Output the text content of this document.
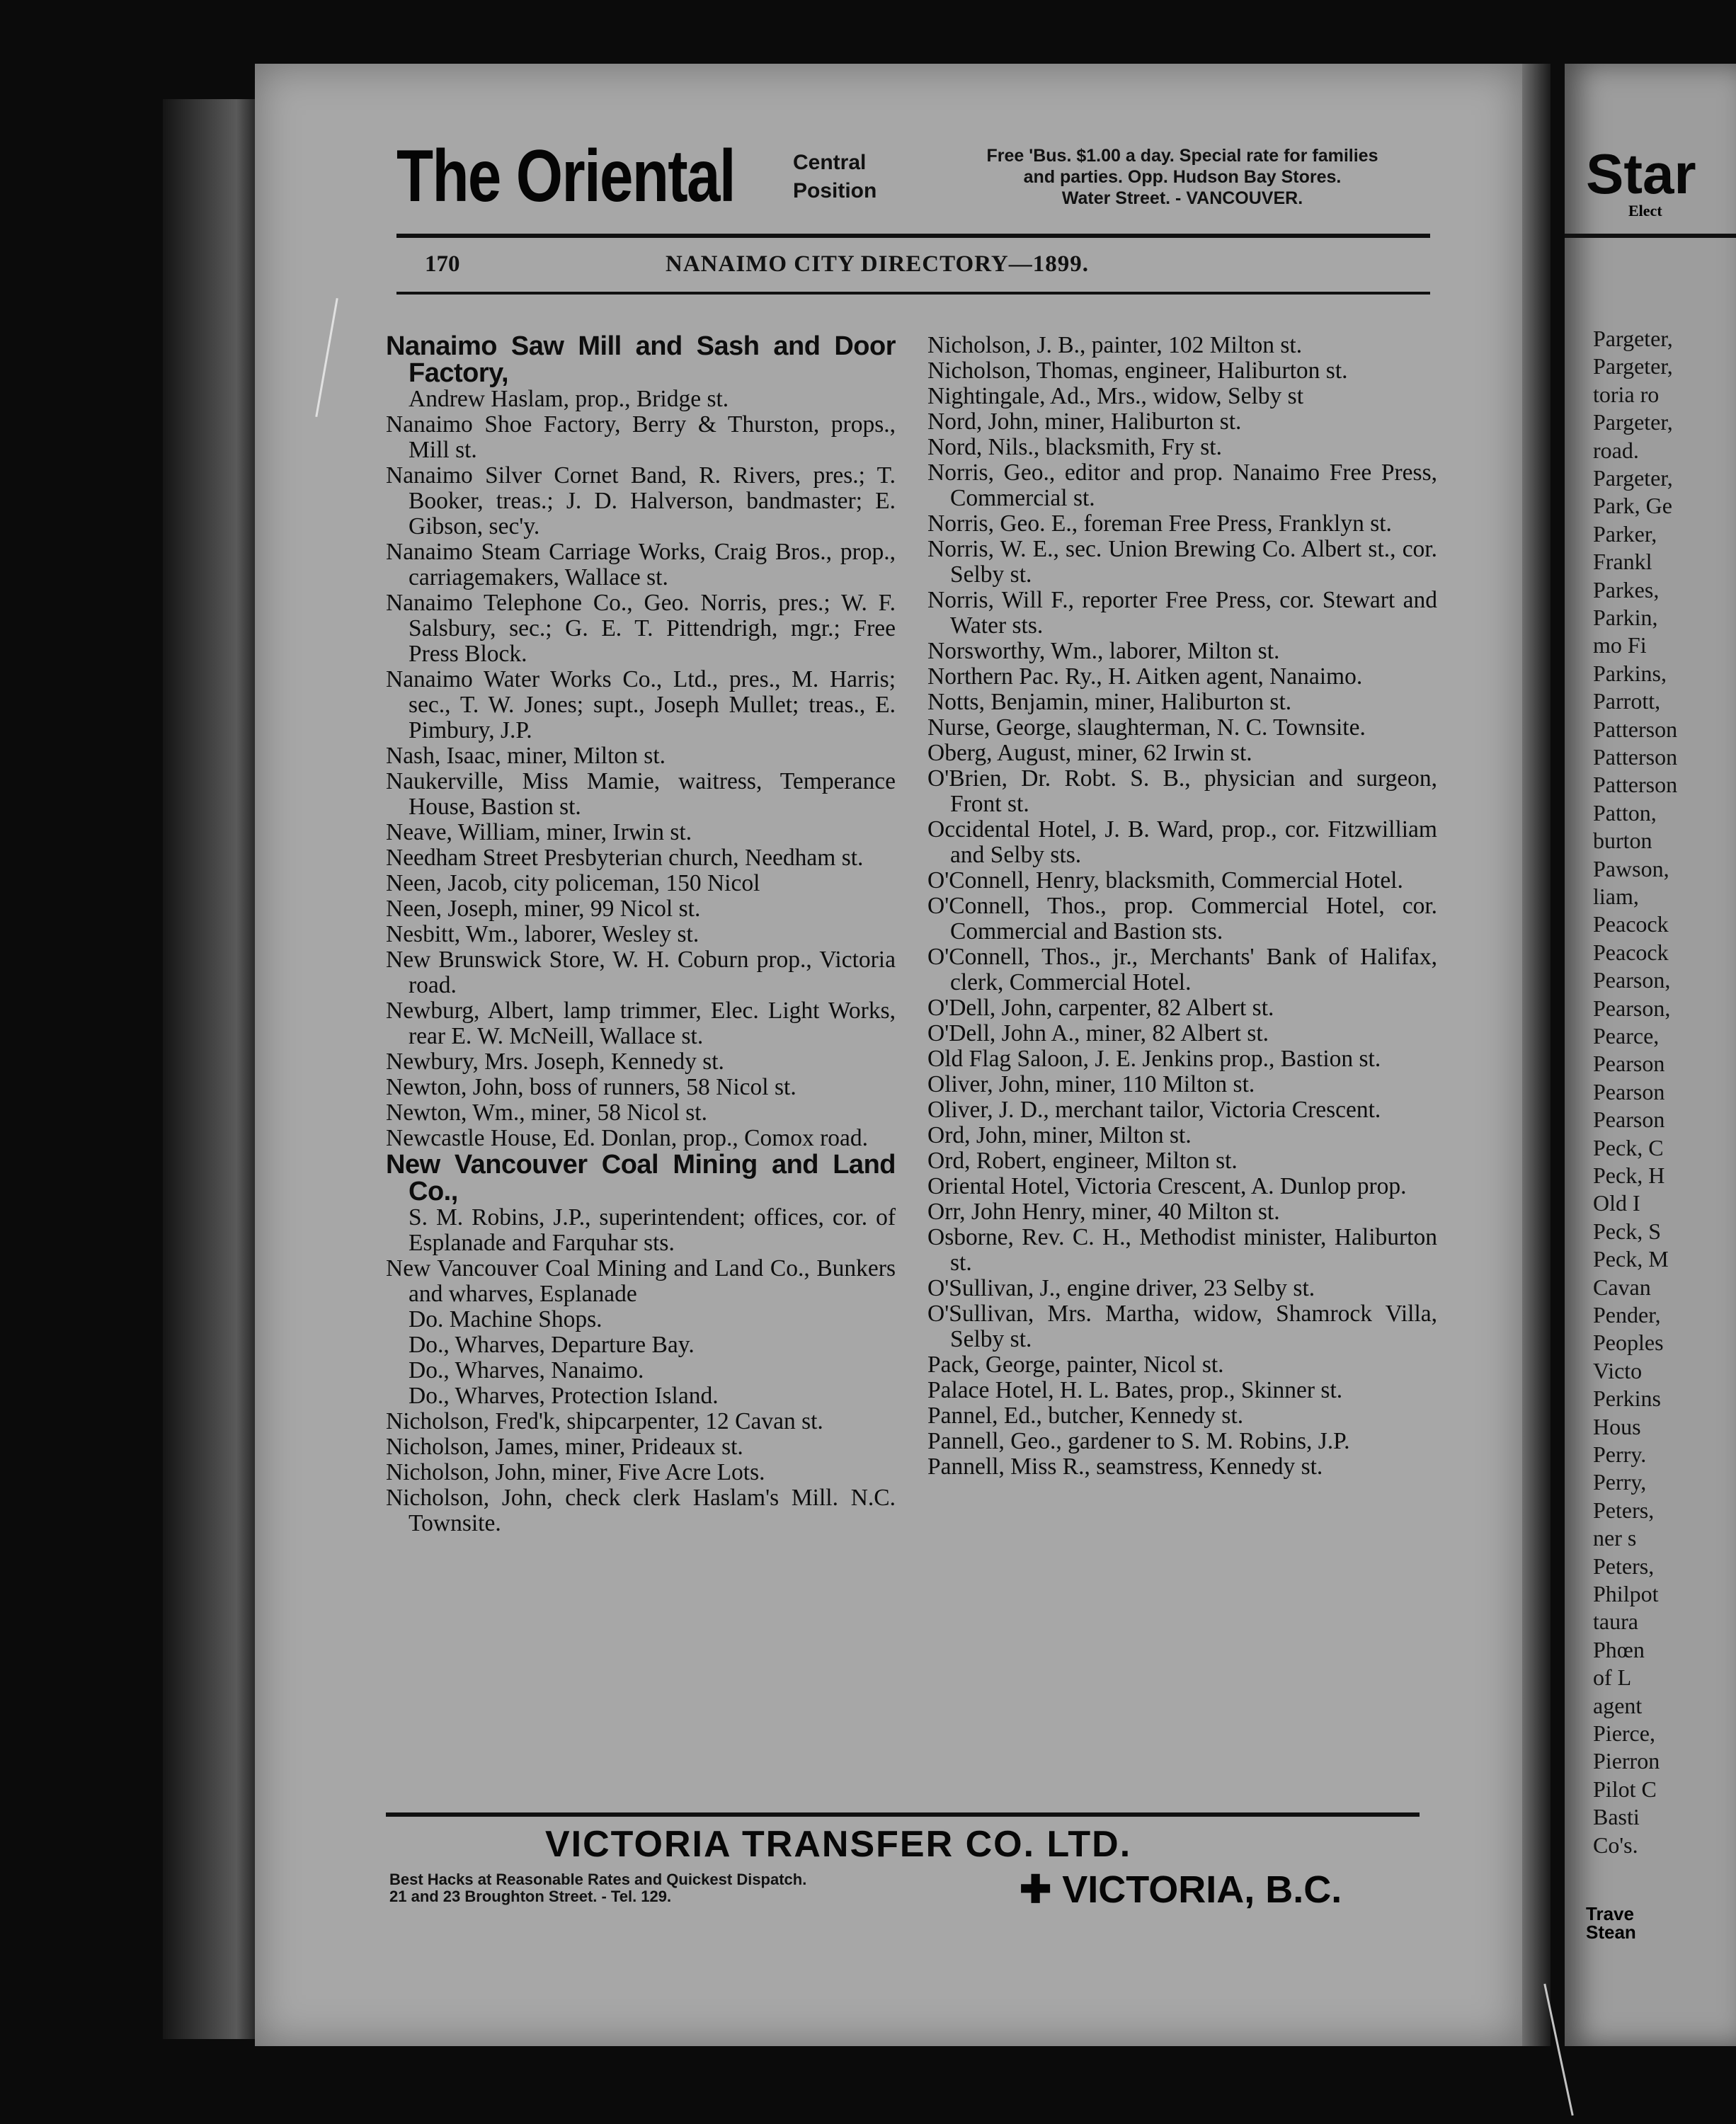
Star
Elect
Pargeter,
Pargeter,
toria ro
Pargeter,
road.
Pargeter,
Park, Ge
Parker,
Frankl
Parkes,
Parkin,
mo Fi
Parkins,
Parrott,
Patterson
Patterson
Patterson
Patton,
burton
Pawson,
liam,
Peacock
Peacock
Pearson,
Pearson,
Pearce,
Pearson
Pearson
Pearson
Peck, C
Peck, H
Old I
Peck, S
Peck, M
Cavan
Pender,
Peoples
Victo
Perkins
Hous
Perry.
Perry,
Peters,
ner s
Peters,
Philpot
taura
Phœn
of L
agent
Pierce,
Pierron
Pilot C
Basti
Co's.
Trave
Stean
The Oriental	Central
Position
Free 'Bus. $1.00 a day. Special rate for families
and parties. Opp. Hudson Bay Stores.
Water Street. - VANCOUVER.
170	NANAIMO CITY DIRECTORY—1899.
Nanaimo Saw Mill and Sash and Door Factory,
Andrew Haslam, prop., Bridge st.
Nanaimo Shoe Factory, Berry & Thurston, props., Mill st.
Nanaimo Silver Cornet Band, R. Rivers, pres.; T. Booker, treas.; J. D. Halverson, bandmaster; E. Gibson, sec'y.
Nanaimo Steam Carriage Works, Craig Bros., prop., carriagemakers, Wallace st.
Nanaimo Telephone Co., Geo. Norris, pres.; W. F. Salsbury, sec.; G. E. T. Pittendrigh, mgr.; Free Press Block.
Nanaimo Water Works Co., Ltd., pres., M. Harris; sec., T. W. Jones; supt., Joseph Mullet; treas., E. Pimbury, J.P.
Nash, Isaac, miner, Milton st.
Naukerville, Miss Mamie, waitress, Temperance House, Bastion st.
Neave, William, miner, Irwin st.
Needham Street Presbyterian church, Needham st.
Neen, Jacob, city policeman, 150 Nicol
Neen, Joseph, miner, 99 Nicol st.
Nesbitt, Wm., laborer, Wesley st.
New Brunswick Store, W. H. Coburn prop., Victoria road.
Newburg, Albert, lamp trimmer, Elec. Light Works, rear E. W. McNeill, Wallace st.
Newbury, Mrs. Joseph, Kennedy st.
Newton, John, boss of runners, 58 Nicol st.
Newton, Wm., miner, 58 Nicol st.
Newcastle House, Ed. Donlan, prop., Comox road.
New Vancouver Coal Mining and Land Co.,
S. M. Robins, J.P., superintendent; offices, cor. of Esplanade and Farquhar sts.
New Vancouver Coal Mining and Land Co., Bunkers and wharves, Esplanade
Do. Machine Shops.
Do., Wharves, Departure Bay.
Do., Wharves, Nanaimo.
Do., Wharves, Protection Island.
Nicholson, Fred'k, shipcarpenter, 12 Cavan st.
Nicholson, James, miner, Prideaux st.
Nicholson, John, miner, Five Acre Lots.
Nicholson, John, check clerk Haslam's Mill. N.C. Townsite.
Nicholson, J. B., painter, 102 Milton st.
Nicholson, Thomas, engineer, Haliburton st.
Nightingale, Ad., Mrs., widow, Selby st
Nord, John, miner, Haliburton st.
Nord, Nils., blacksmith, Fry st.
Norris, Geo., editor and prop. Nanaimo Free Press, Commercial st.
Norris, Geo. E., foreman Free Press, Franklyn st.
Norris, W. E., sec. Union Brewing Co. Albert st., cor. Selby st.
Norris, Will F., reporter Free Press, cor. Stewart and Water sts.
Norsworthy, Wm., laborer, Milton st.
Northern Pac. Ry., H. Aitken agent, Nanaimo.
Notts, Benjamin, miner, Haliburton st.
Nurse, George, slaughterman, N. C. Townsite.
Oberg, August, miner, 62 Irwin st.
O'Brien, Dr. Robt. S. B., physician and surgeon, Front st.
Occidental Hotel, J. B. Ward, prop., cor. Fitzwilliam and Selby sts.
O'Connell, Henry, blacksmith, Commercial Hotel.
O'Connell, Thos., prop. Commercial Hotel, cor. Commercial and Bastion sts.
O'Connell, Thos., jr., Merchants' Bank of Halifax, clerk, Commercial Hotel.
O'Dell, John, carpenter, 82 Albert st.
O'Dell, John A., miner, 82 Albert st.
Old Flag Saloon, J. E. Jenkins prop., Bastion st.
Oliver, John, miner, 110 Milton st.
Oliver, J. D., merchant tailor, Victoria Crescent.
Ord, John, miner, Milton st.
Ord, Robert, engineer, Milton st.
Oriental Hotel, Victoria Crescent, A. Dunlop prop.
Orr, John Henry, miner, 40 Milton st.
Osborne, Rev. C. H., Methodist minister, Haliburton st.
O'Sullivan, J., engine driver, 23 Selby st.
O'Sullivan, Mrs. Martha, widow, Shamrock Villa, Selby st.
Pack, George, painter, Nicol st.
Palace Hotel, H. L. Bates, prop., Skinner st.
Pannel, Ed., butcher, Kennedy st.
Pannell, Geo., gardener to S. M. Robins, J.P.
Pannell, Miss R., seamstress, Kennedy st.
VICTORIA TRANSFER CO. LTD.
Best Hacks at Reasonable Rates and Quickest Dispatch.
21 and 23 Broughton Street. - Tel. 129.	✚ VICTORIA, B.C.
